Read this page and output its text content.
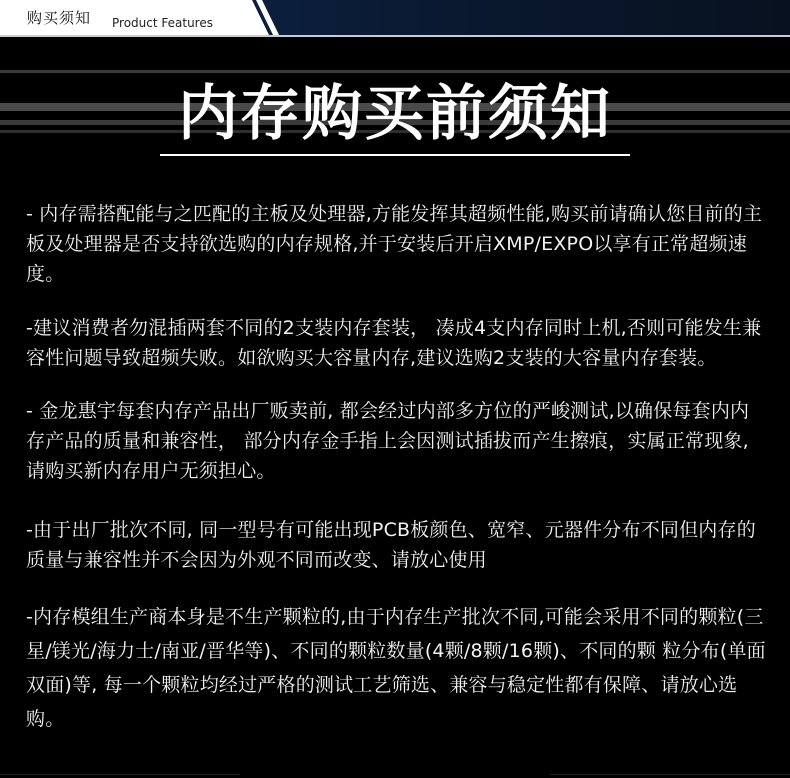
购买须知 Product Features
内存购买前须知

- 内存需搭配能与之匹配的主板及处理器,方能发挥其超频性能,购买前请确认您目前的主板及处理器是否支持欲选购的内存规格,并于安装后开启XMP/EXPO以享有正常超频速度。

-建议消费者勿混插两套不同的2支装内存套装， 凑成4支内存同时上机,否则可能发生兼容性问题导致超频失败。如欲购买大容量内存,建议选购2支装的大容量内存套装。

- 金龙惠宇每套内存产品出厂贩卖前, 都会经过内部多方位的严峻测试,以确保每套内内存产品的质量和兼容性， 部分内存金手指上会因测试插拔而产生擦痕，实属正常现象,请购买新内存用户无须担心。

-由于出厂批次不同, 同一型号有可能出现PCB板颜色、宽窄、元器件分布不同但内存的质量与兼容性并不会因为外观不同而改变、请放心使用

-内存模组生产商本身是不生产颗粒的,由于内存生产批次不同,可能会采用不同的颗粒(三星/镁光/海力士/南亚/晋华等)、不同的颗粒数量(4颗/8颗/16颗)、不同的颗 粒分布(单面双面)等, 每一个颗粒均经过严格的测试工艺筛选、兼容与稳定性都有保障、请放心选购。
